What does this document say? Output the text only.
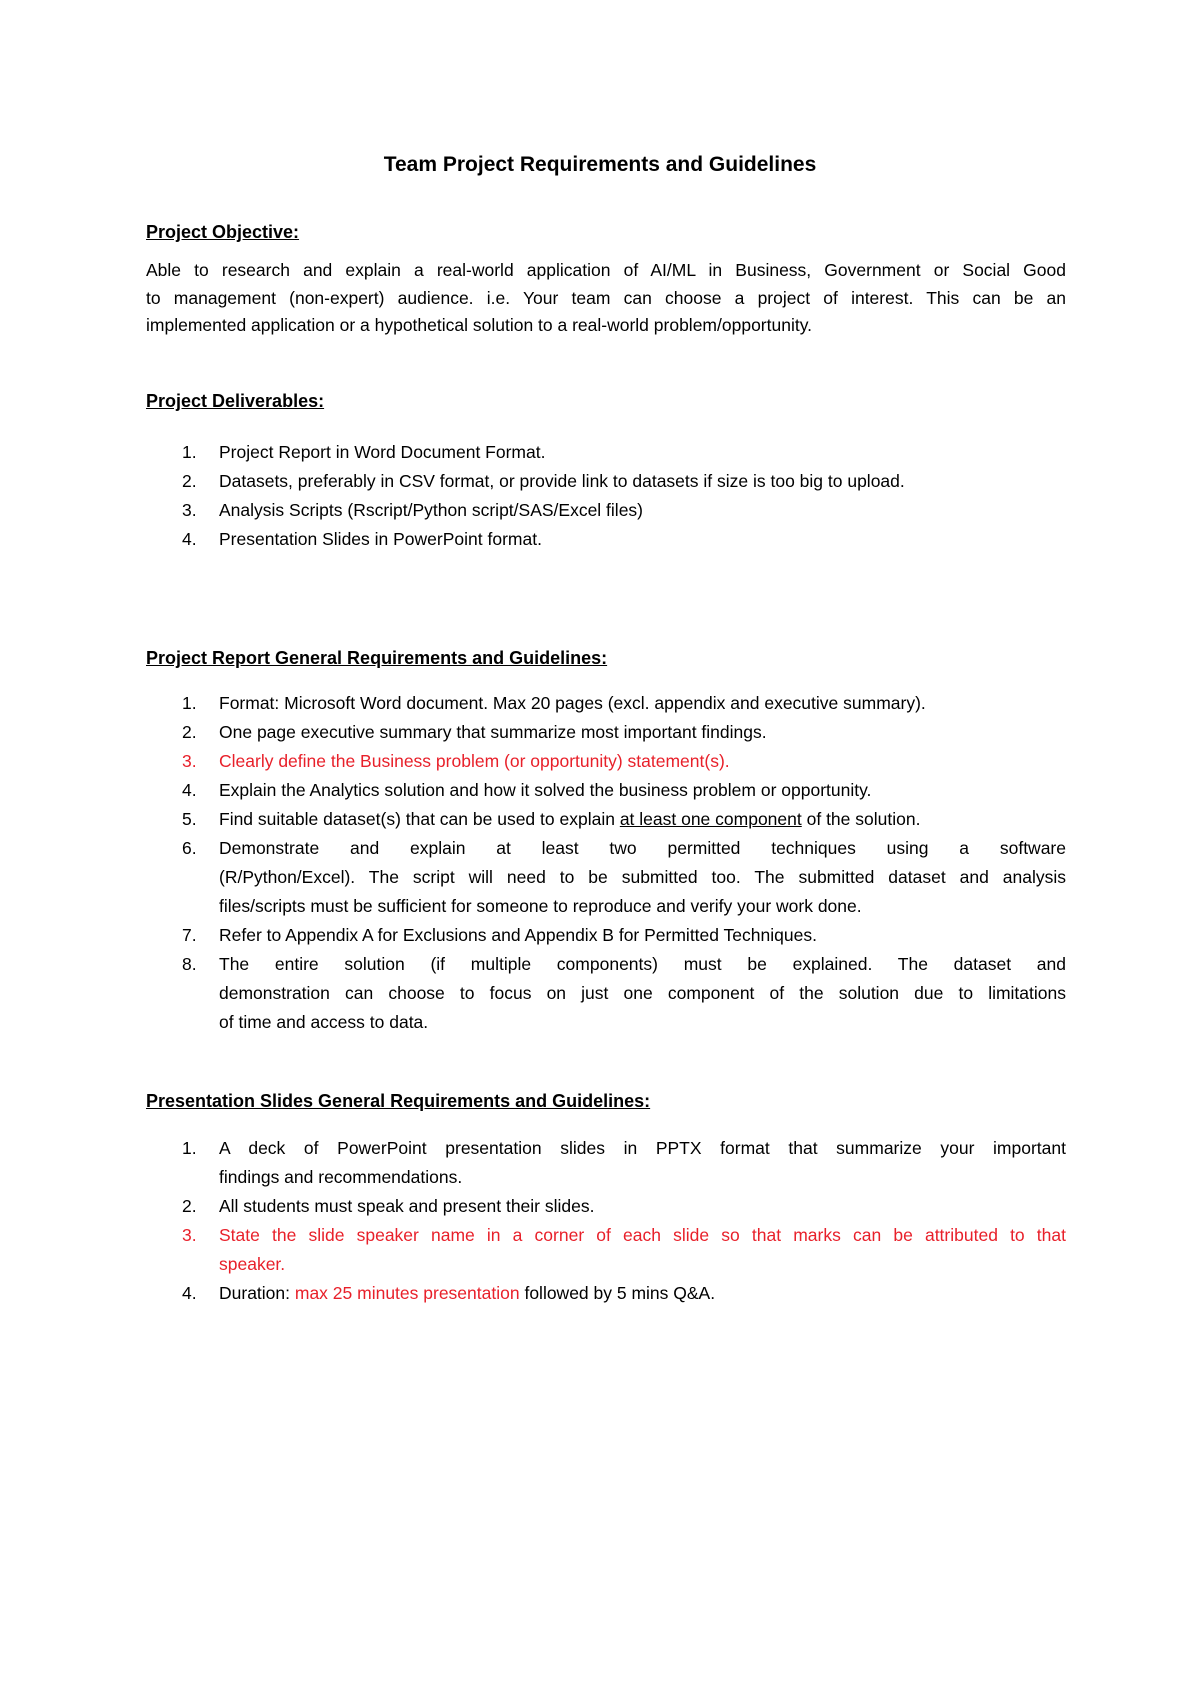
Team Project Requirements and Guidelines
Project Objective:
Able to research and explain a real-world application of AI/ML in Business, Government or Social Good
to management (non-expert) audience. i.e. Your team can choose a project of interest. This can be an
implemented application or a hypothetical solution to a real-world problem/opportunity.
Project Deliverables:
1. Project Report in Word Document Format.
2. Datasets, preferably in CSV format, or provide link to datasets if size is too big to upload.
3. Analysis Scripts (Rscript/Python script/SAS/Excel files)
4. Presentation Slides in PowerPoint format.
Project Report General Requirements and Guidelines:
1. Format: Microsoft Word document. Max 20 pages (excl. appendix and executive summary).
2. One page executive summary that summarize most important findings.
3. Clearly define the Business problem (or opportunity) statement(s).
4. Explain the Analytics solution and how it solved the business problem or opportunity.
5. Find suitable dataset(s) that can be used to explain at least one component of the solution.
6. Demonstrate and explain at least two permitted techniques using a software
(R/Python/Excel). The script will need to be submitted too. The submitted dataset and analysis
files/scripts must be sufficient for someone to reproduce and verify your work done.
7. Refer to Appendix A for Exclusions and Appendix B for Permitted Techniques.
8. The entire solution (if multiple components) must be explained. The dataset and
demonstration can choose to focus on just one component of the solution due to limitations
of time and access to data.
Presentation Slides General Requirements and Guidelines:
1. A deck of PowerPoint presentation slides in PPTX format that summarize your important
findings and recommendations.
2. All students must speak and present their slides.
3. State the slide speaker name in a corner of each slide so that marks can be attributed to that
speaker.
4. Duration: max 25 minutes presentation followed by 5 mins Q&A.
